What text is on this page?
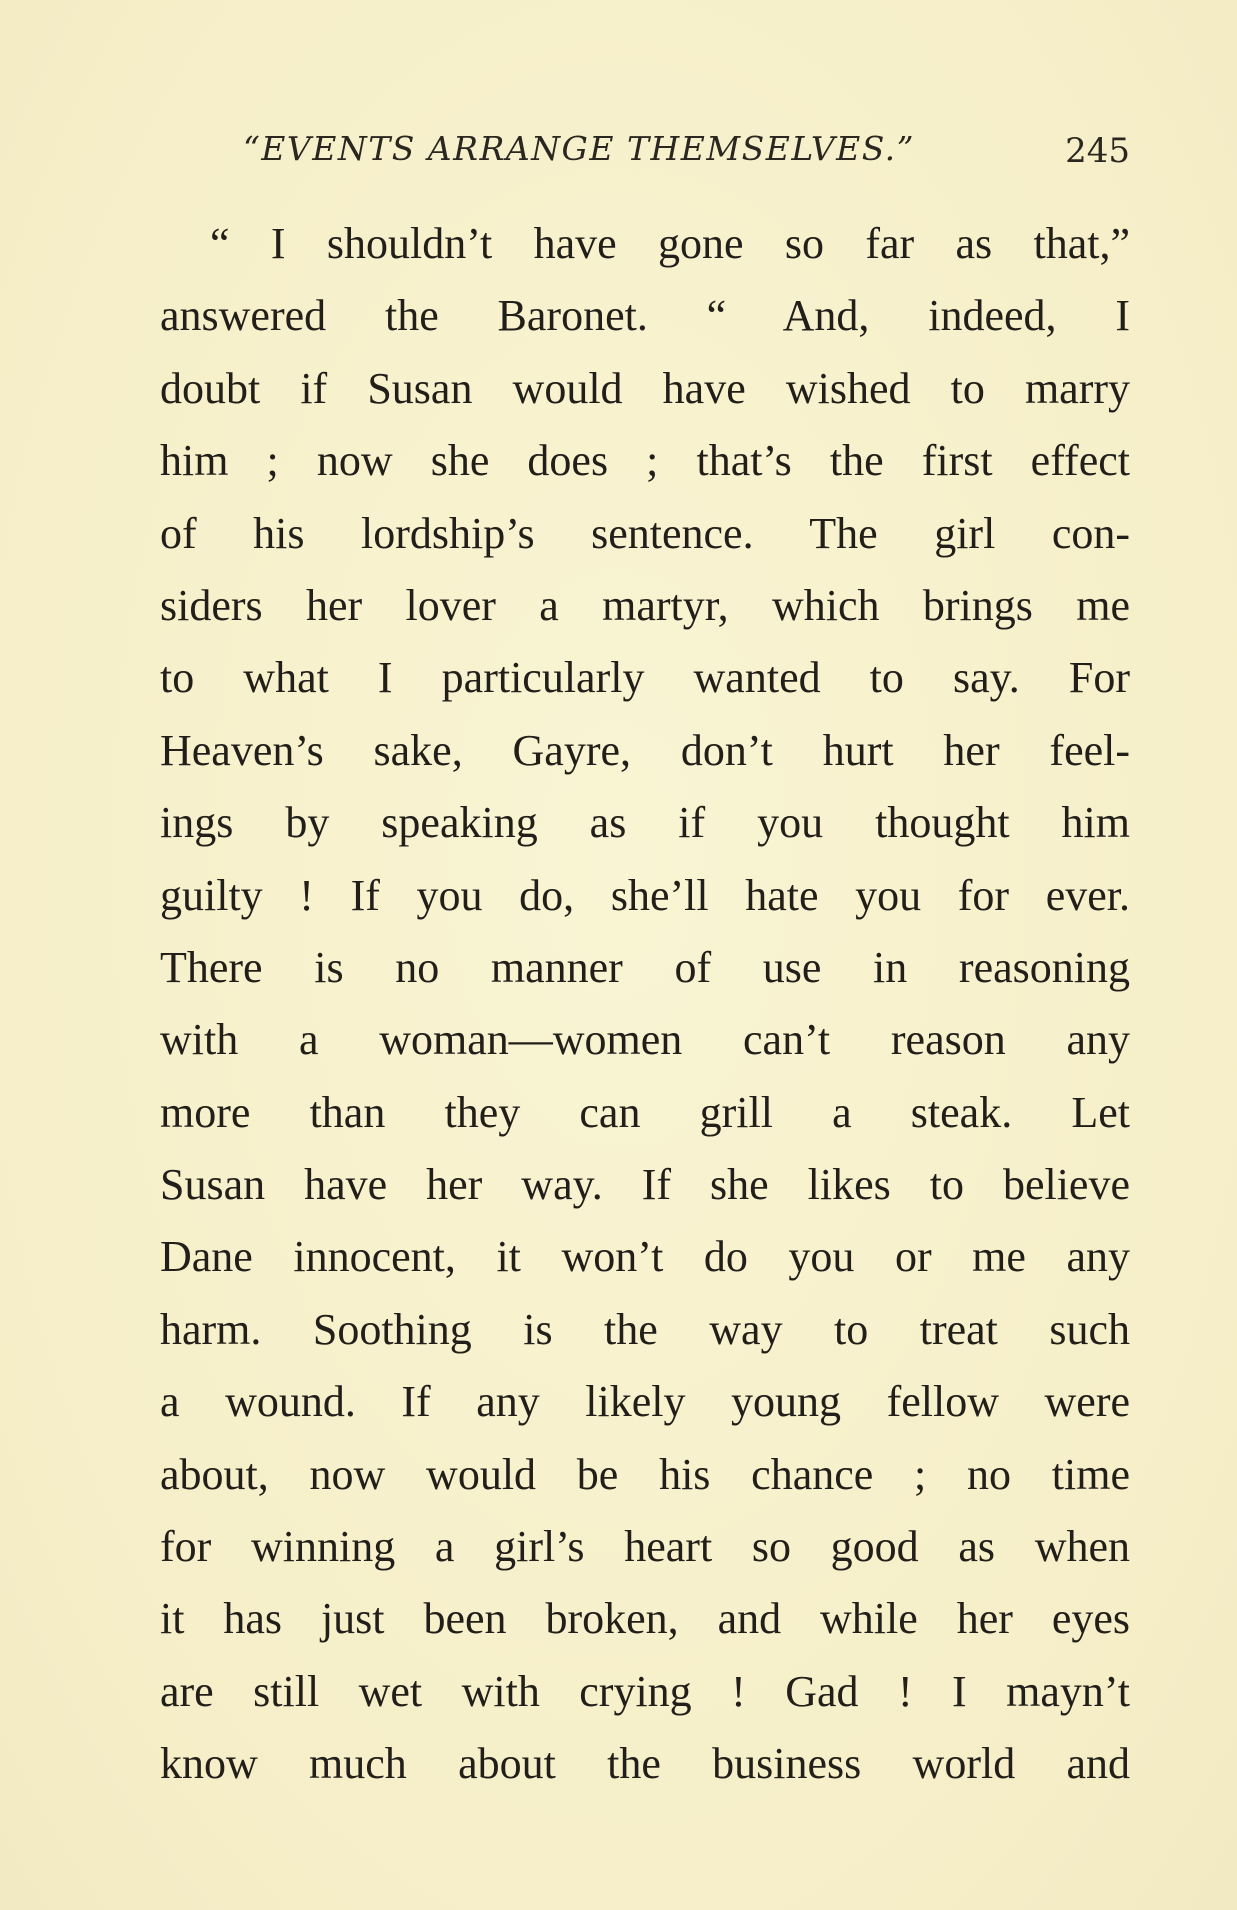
“EVENTS ARRANGE THEMSELVES.”	245
“ I shouldn’t have gone so far as that,”
answered the Baronet. “ And, indeed, I
doubt if Susan would have wished to marry
him ; now she does ; that’s the first effect
of his lordship’s sentence. The girl con-
siders her lover a martyr, which brings me
to what I particularly wanted to say. For
Heaven’s sake, Gayre, don’t hurt her feel-
ings by speaking as if you thought him
guilty ! If you do, she’ll hate you for ever.
There is no manner of use in reasoning
with a woman—women can’t reason any
more than they can grill a steak. Let
Susan have her way. If she likes to believe
Dane innocent, it won’t do you or me any
harm. Soothing is the way to treat such
a wound. If any likely young fellow were
about, now would be his chance ; no time
for winning a girl’s heart so good as when
it has just been broken, and while her eyes
are still wet with crying ! Gad ! I mayn’t
know much about the business world and
